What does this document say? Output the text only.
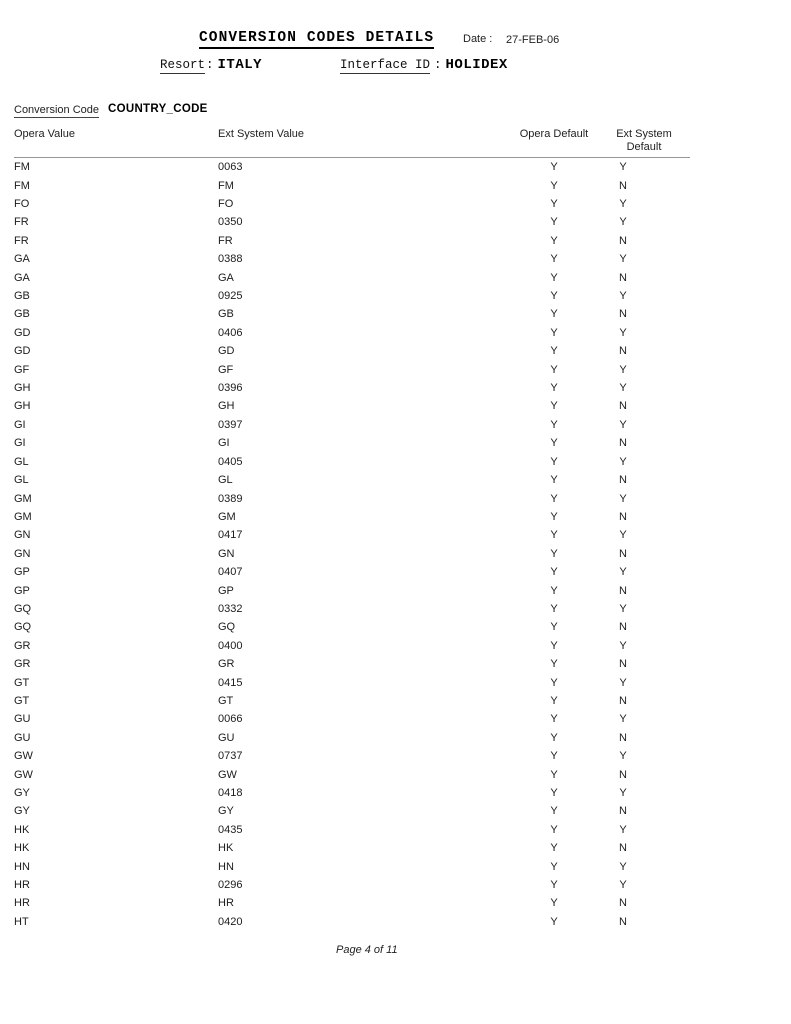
CONVERSION CODES DETAILS	Date : 27-FEB-06
Resort : ITALY	Interface ID : HOLIDEX
Conversion Code COUNTRY_CODE
Opera Value	Ext System Value	Opera Default	Ext System Default
FM	0063	Y	Y
FM	FM	Y	N
FO	FO	Y	Y
FR	0350	Y	Y
FR	FR	Y	N
GA	0388	Y	Y
GA	GA	Y	N
GB	0925	Y	Y
GB	GB	Y	N
GD	0406	Y	Y
GD	GD	Y	N
GF	GF	Y	Y
GH	0396	Y	Y
GH	GH	Y	N
GI	0397	Y	Y
GI	GI	Y	N
GL	0405	Y	Y
GL	GL	Y	N
GM	0389	Y	Y
GM	GM	Y	N
GN	0417	Y	Y
GN	GN	Y	N
GP	0407	Y	Y
GP	GP	Y	N
GQ	0332	Y	Y
GQ	GQ	Y	N
GR	0400	Y	Y
GR	GR	Y	N
GT	0415	Y	Y
GT	GT	Y	N
GU	0066	Y	Y
GU	GU	Y	N
GW	0737	Y	Y
GW	GW	Y	N
GY	0418	Y	Y
GY	GY	Y	N
HK	0435	Y	Y
HK	HK	Y	N
HN	HN	Y	Y
HR	0296	Y	Y
HR	HR	Y	N
HT	0420	Y	N
Page 4 of 11
